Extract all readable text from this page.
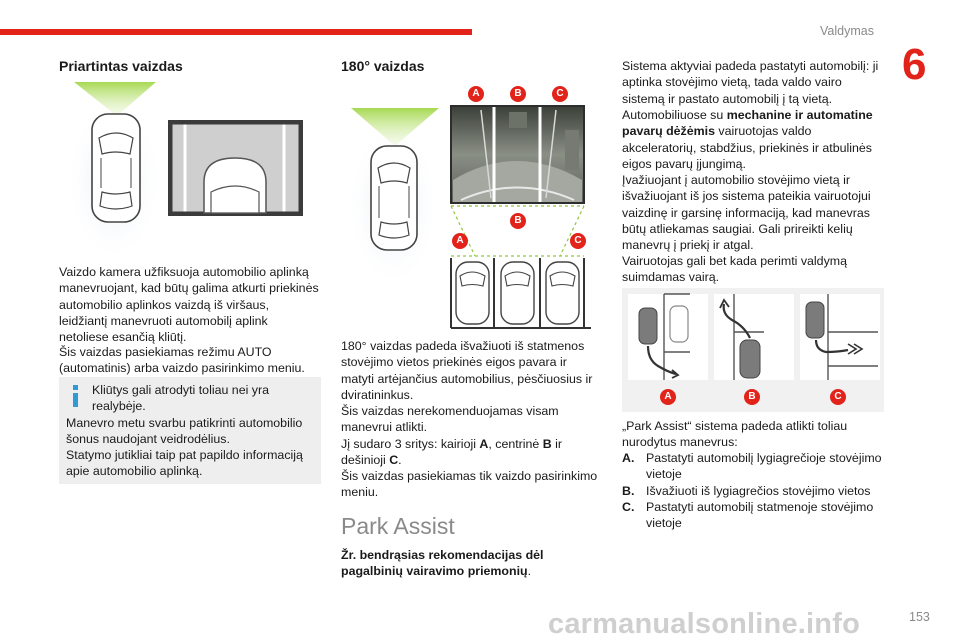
Valdymas
6
Priartintas vaizdas
Vaizdo kamera užfiksuoja automobilio aplinką manevruojant, kad būtų galima atkurti priekinės automobilio aplinkos vaizdą iš viršaus, leidžiantį manevruoti automobilį aplink netoliese esančią kliūtį.
Šis vaizdas pasiekiamas režimu AUTO (automatinis) arba vaizdo pasirinkimo meniu.
Kliūtys gali atrodyti toliau nei yra realybėje.
Manevro metu svarbu patikrinti automobilio šonus naudojant veidrodėlius.
Statymo jutikliai taip pat papildo informaciją apie automobilio aplinką.
180° vaizdas
A	B	C
B
A	C
180° vaizdas padeda išvažiuoti iš statmenos stovėjimo vietos priekinės eigos pavara ir matyti artėjančius automobilius, pėsčiuosius ir dviratininkus.
Šis vaizdas nerekomenduojamas visam manevrui atlikti.
Jį sudaro 3 sritys: kairioji A, centrinė B ir dešinioji C.
Šis vaizdas pasiekiamas tik vaizdo pasirinkimo meniu.
Park Assist
Žr. bendrąsias rekomendacijas dėl pagalbinių vairavimo priemonių.
Sistema aktyviai padeda pastatyti automobilį: ji aptinka stovėjimo vietą, tada valdo vairo sistemą ir pastato automobilį į tą vietą.
Automobiliuose su mechanine ir automatine pavarų dėžėmis vairuotojas valdo akceleratorių, stabdžius, priekinės ir atbulinės eigos pavarų įjungimą.
Įvažiuojant į automobilio stovėjimo vietą ir išvažiuojant iš jos sistema pateikia vairuotojui vaizdinę ir garsinę informaciją, kad manevras būtų atliekamas saugiai. Gali prireikti kelių manevrų į priekį ir atgal.
Vairuotojas gali bet kada perimti valdymą suimdamas vairą.
A	B	C
„Park Assist“ sistema padeda atlikti toliau nurodytus manevrus:
A. Pastatyti automobilį lygiagrečioje stovėjimo vietoje
B. Išvažiuoti iš lygiagrečios stovėjimo vietos
C. Pastatyti automobilį statmenoje stovėjimo vietoje
153
carmanualsonline.info
